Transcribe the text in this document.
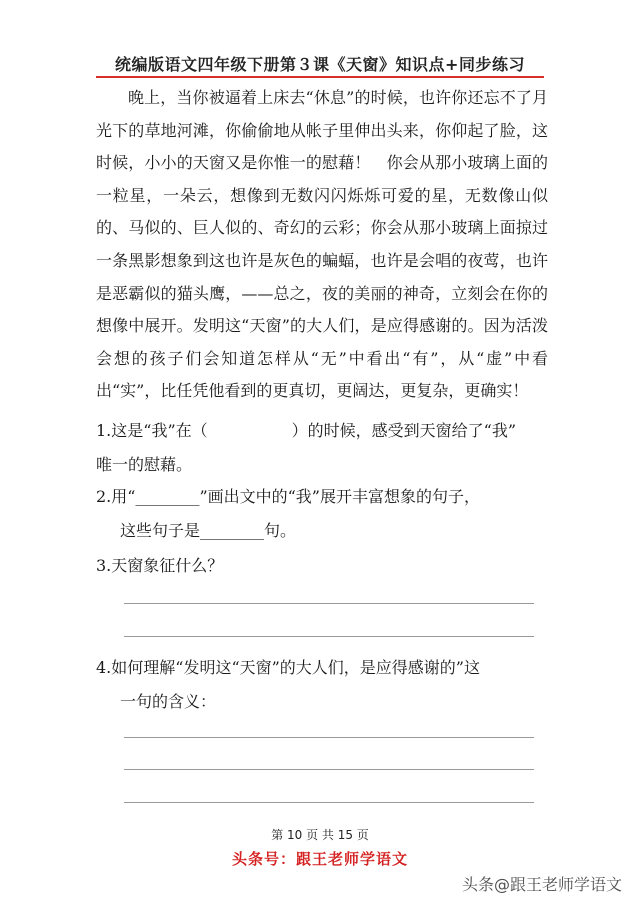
统编版语文四年级下册第３课《天窗》知识点+同步练习

晚上，当你被逼着上床去“休息”的时候，也许你还忘不了月光下的草地河滩，你偷偷地从帐子里伸出头来，你仰起了脸，这时候，小小的天窗又是你惟一的慰藉！　你会从那小玻璃上面的一粒星，一朵云，想像到无数闪闪烁烁可爱的星，无数像山似的、马似的、巨人似的、奇幻的云彩；你会从那小玻璃上面掠过一条黑影想象到这也许是灰色的蝙蝠，也许是会唱的夜莺，也许是恶霸似的猫头鹰，——总之，夜的美丽的神奇，立刻会在你的想像中展开。发明这“天窗”的大人们，是应得感谢的。因为活泼会想的孩子们会知道怎样从“无”中看出“有”，从“虚”中看出“实”，比任凭他看到的更真切，更阔达，更复杂，更确实！

1.这是“我”在（	）的时候，感受到天窗给了“我”
唯一的慰藉。
2.用“________”画出文中的“我”展开丰富想象的句子，
这些句子是________句。
3.天窗象征什么？
4.如何理解“发明这“天窗”的大人们，是应得感谢的”这
一句的含义：
第 10 页 共 15 页
头条号：跟王老师学语文
头条@跟王老师学语文
